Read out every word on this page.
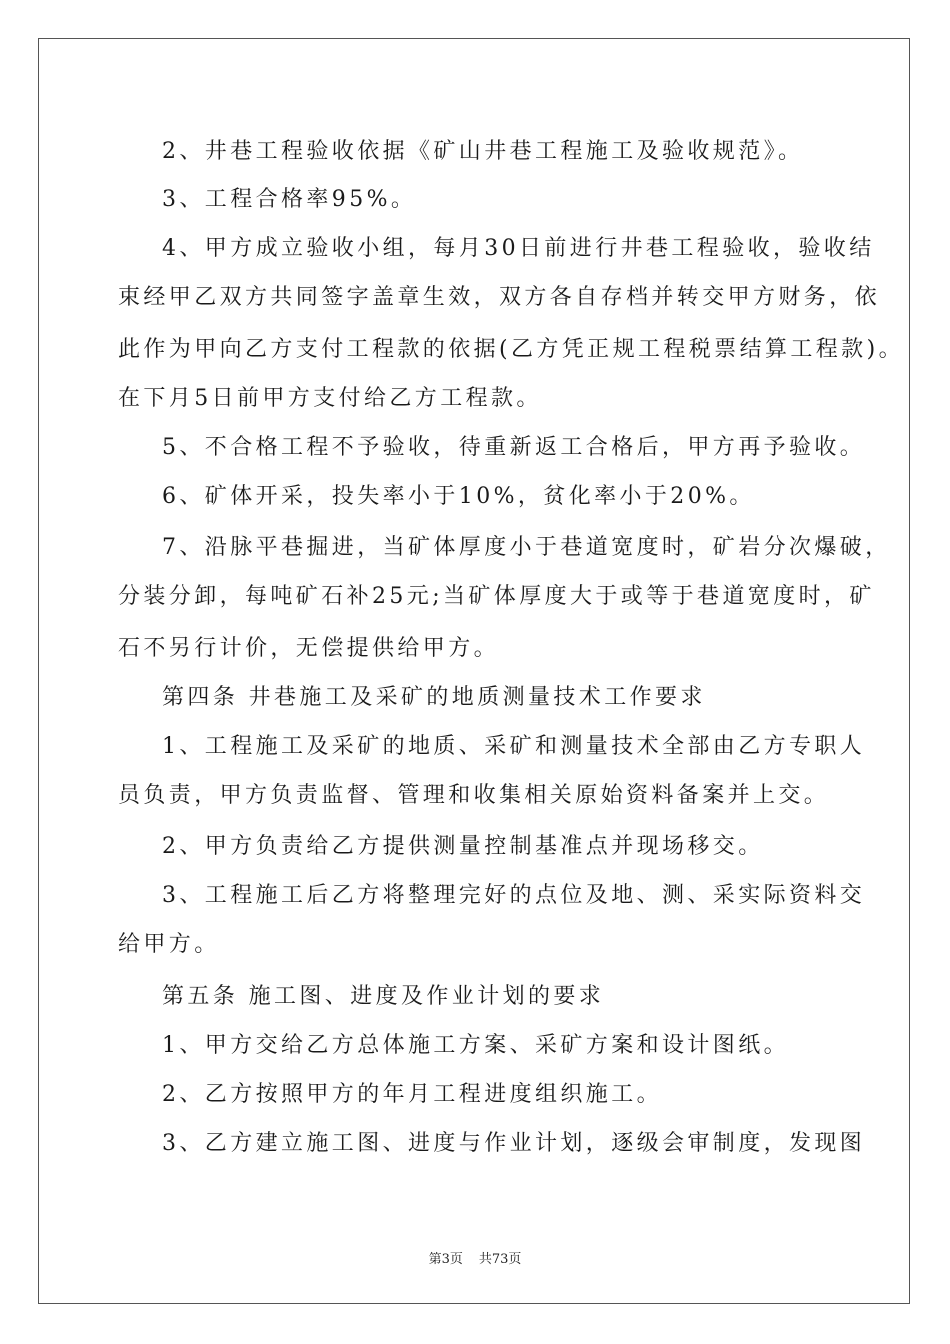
2、井巷工程验收依据《矿山井巷工程施工及验收规范》。

3、工程合格率95%。

4、甲方成立验收小组，每月30日前进行井巷工程验收，验收结

束经甲乙双方共同签字盖章生效，双方各自存档并转交甲方财务，依

此作为甲向乙方支付工程款的依据(乙方凭正规工程税票结算工程款)。

在下月5日前甲方支付给乙方工程款。

5、不合格工程不予验收，待重新返工合格后，甲方再予验收。

6、矿体开采，投失率小于10%，贫化率小于20%。

7、沿脉平巷掘进，当矿体厚度小于巷道宽度时，矿岩分次爆破，

分装分卸，每吨矿石补25元;当矿体厚度大于或等于巷道宽度时，矿

石不另行计价，无偿提供给甲方。

第四条 井巷施工及采矿的地质测量技术工作要求

1、工程施工及采矿的地质、采矿和测量技术全部由乙方专职人

员负责，甲方负责监督、管理和收集相关原始资料备案并上交。

2、甲方负责给乙方提供测量控制基准点并现场移交。

3、工程施工后乙方将整理完好的点位及地、测、采实际资料交

给甲方。

第五条 施工图、进度及作业计划的要求

1、甲方交给乙方总体施工方案、采矿方案和设计图纸。

2、乙方按照甲方的年月工程进度组织施工。

3、乙方建立施工图、进度与作业计划，逐级会审制度，发现图

第3页 共73页
